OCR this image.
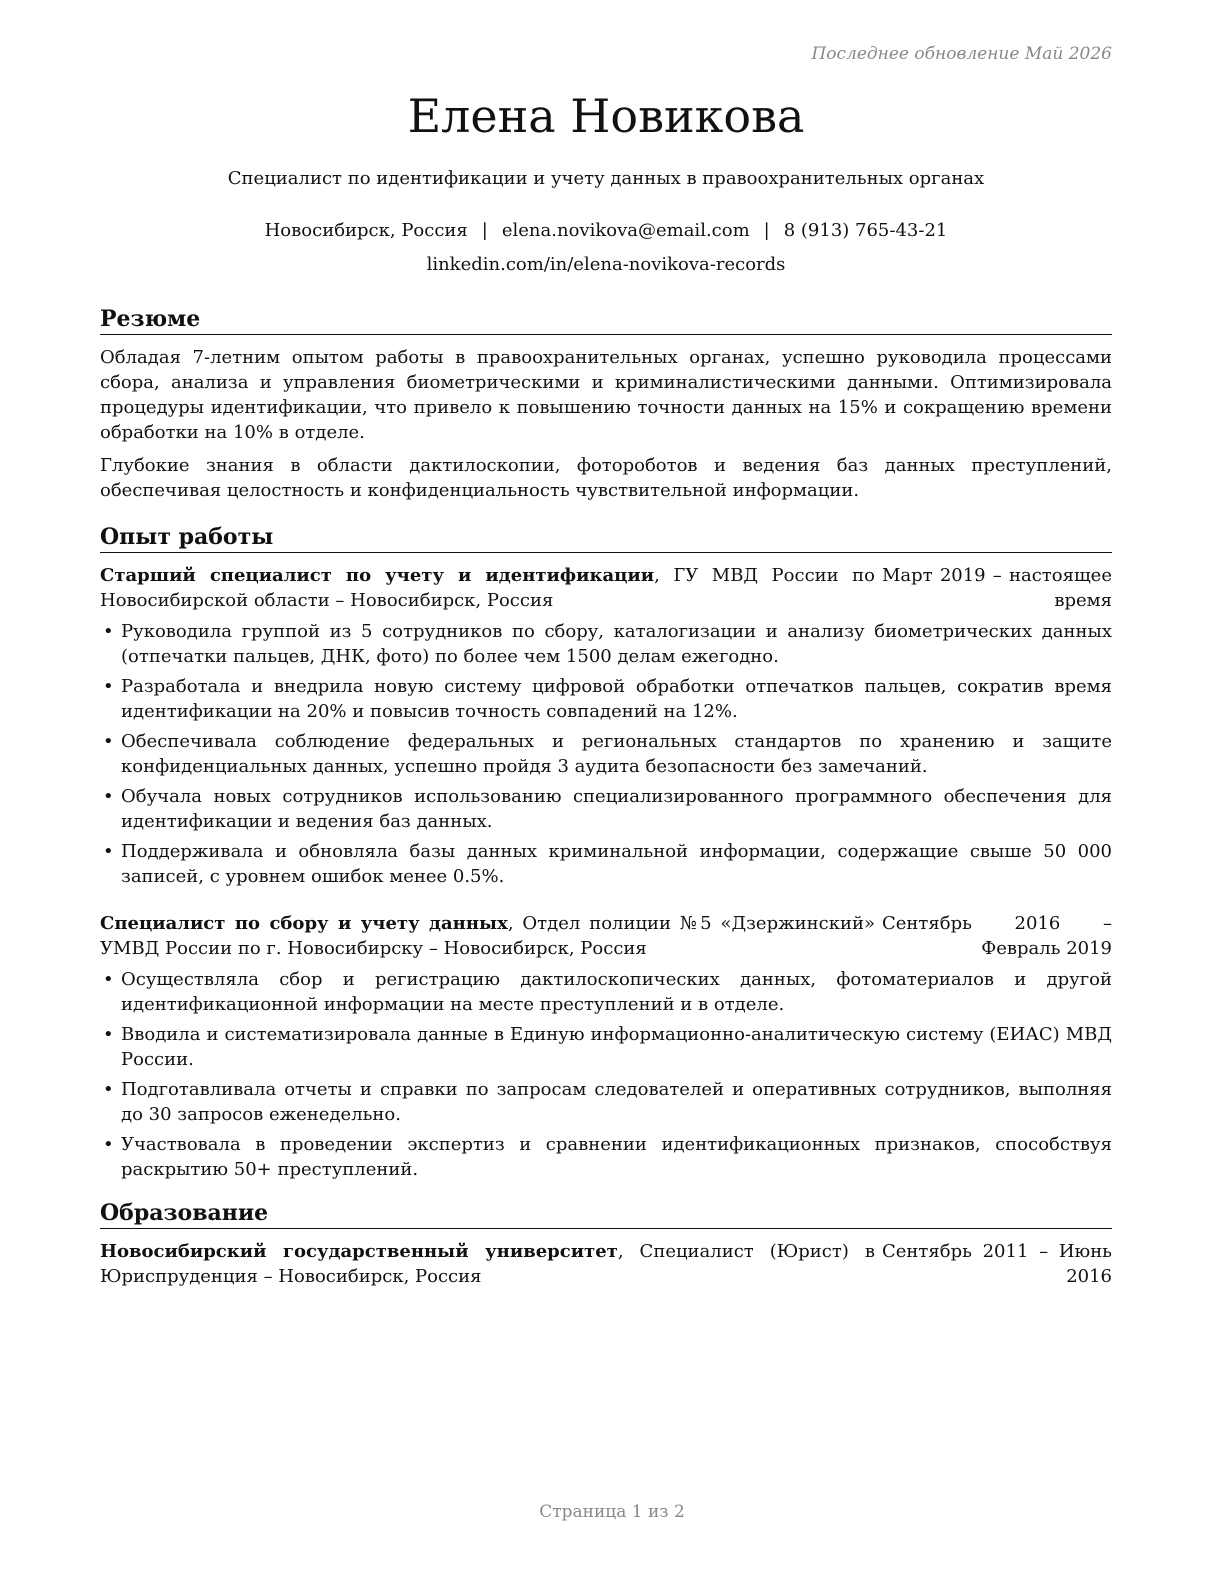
Последнее обновление Май 2026
Елена Новикова
Специалист по идентификации и учету данных в правоохранительных органах
Новосибирск, Россия | elena.novikova@email.com | 8 (913) 765-43-21
linkedin.com/in/elena-novikova-records
Резюме

Обладая 7-летним опытом работы в правоохранительных органах, успешно руководила процессами сбора, анализа и управления биометрическими и криминалистическими данными. Оптимизировала процедуры идентификации, что привело к повышению точности данных на 15% и сокращению времени обработки на 10% в отделе.

Глубокие знания в области дактилоскопии, фотороботов и ведения баз данных преступлений, обеспечивая целостность и конфиденциальность чувствительной информации.

Опыт работы
Старший специалист по учету и идентификации, ГУ МВД России по Новосибирской области – Новосибирск, Россия
Март 2019 – настоящее время
• Руководила группой из 5 сотрудников по сбору, каталогизации и анализу биометрических данных (отпечатки пальцев, ДНК, фото) по более чем 1500 делам ежегодно.
• Разработала и внедрила новую систему цифровой обработки отпечатков пальцев, сократив время идентификации на 20% и повысив точность совпадений на 12%.
• Обеспечивала соблюдение федеральных и региональных стандартов по хранению и защите конфиденциальных данных, успешно пройдя 3 аудита безопасности без замечаний.
• Обучала новых сотрудников использованию специализированного программного обеспечения для идентификации и ведения баз данных.
• Поддерживала и обновляла базы данных криминальной информации, содержащие свыше 50 000 записей, с уровнем ошибок менее 0.5%.
Специалист по сбору и учету данных, Отдел полиции №5 «Дзержинский» УМВД России по г. Новосибирску – Новосибирск, Россия
Сентябрь 2016 – Февраль 2019
• Осуществляла сбор и регистрацию дактилоскопических данных, фотоматериалов и другой идентификационной информации на месте преступлений и в отделе.
• Вводила и систематизировала данные в Единую информационно-аналитическую систему (ЕИАС) МВД России.
• Подготавливала отчеты и справки по запросам следователей и оперативных сотрудников, выполняя до 30 запросов еженедельно.
• Участвовала в проведении экспертиз и сравнении идентификационных признаков, способствуя раскрытию 50+ преступлений.
Образование
Новосибирский государственный университет, Специалист (Юрист) в Юриспруденция – Новосибирск, Россия
Сентябрь 2011 – Июнь 2016
Страница 1 из 2
